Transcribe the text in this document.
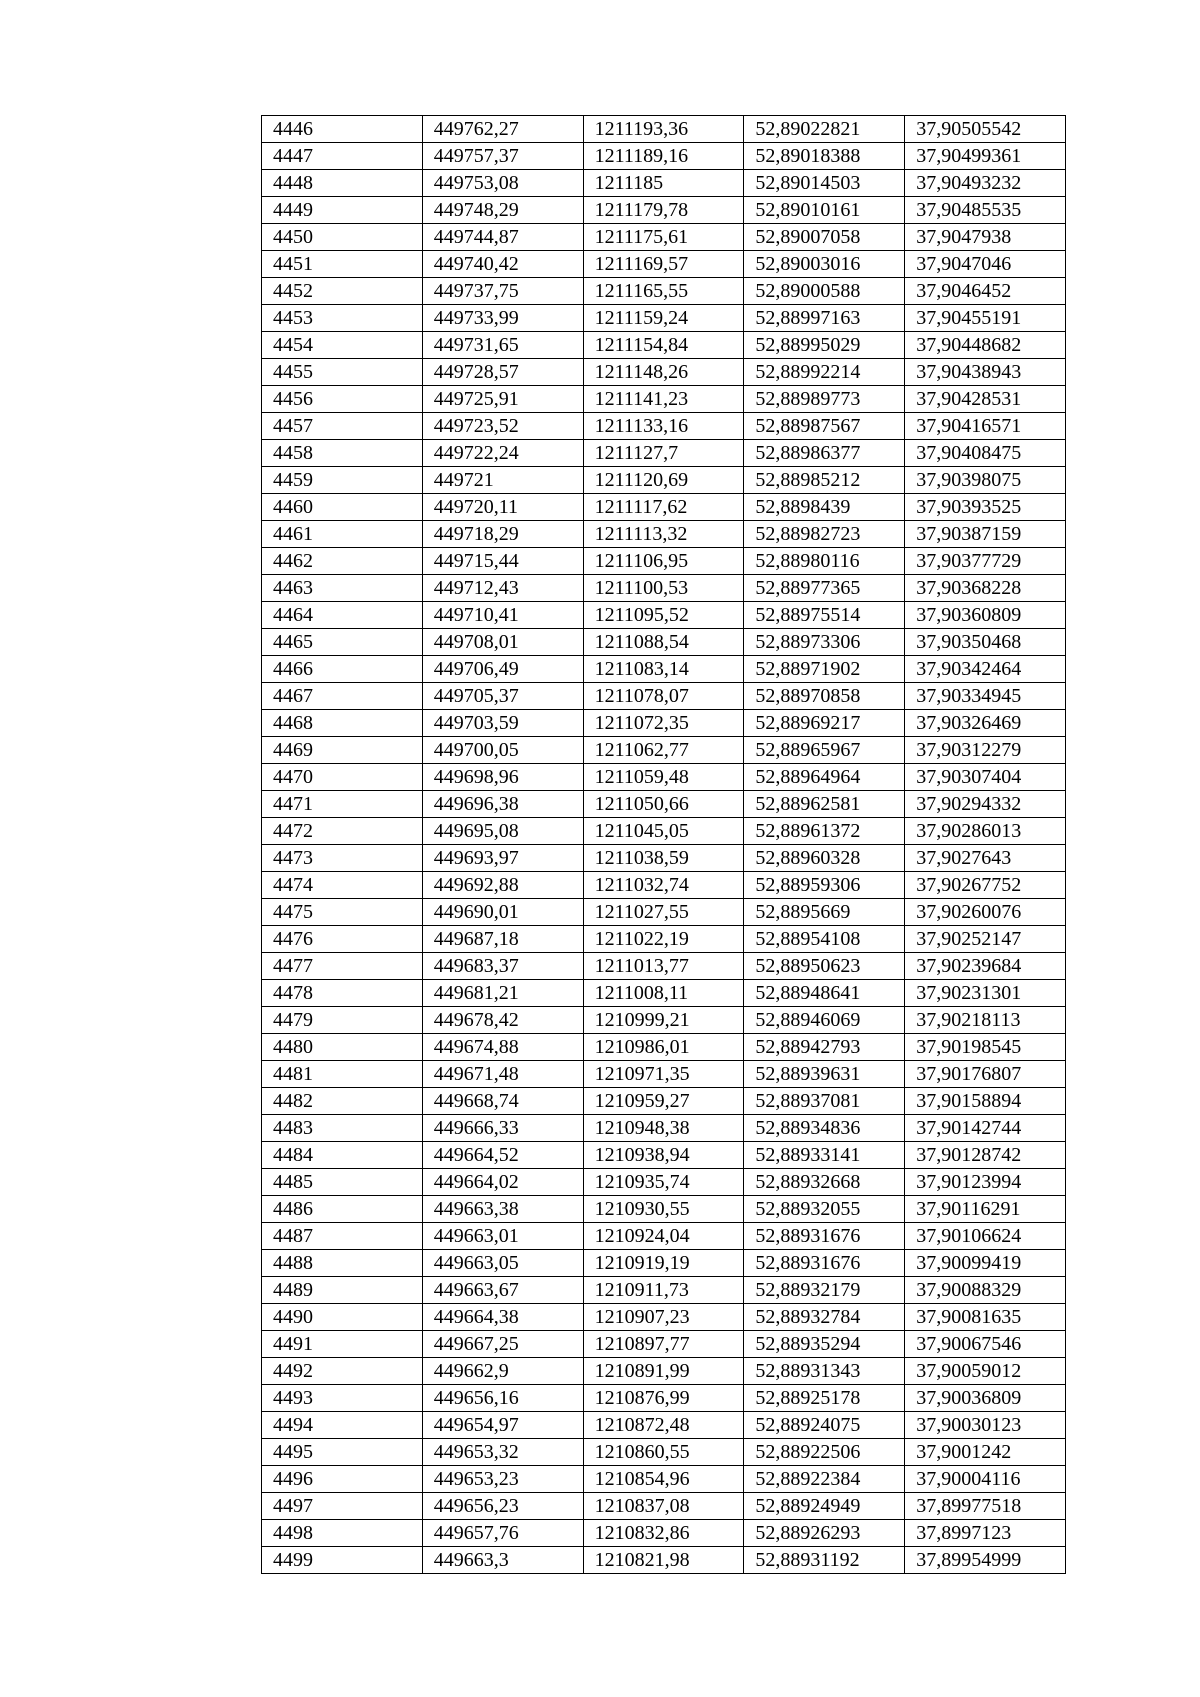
4446	449762,27	1211193,36	52,89022821	37,90505542
4447	449757,37	1211189,16	52,89018388	37,90499361
4448	449753,08	1211185	52,89014503	37,90493232
4449	449748,29	1211179,78	52,89010161	37,90485535
4450	449744,87	1211175,61	52,89007058	37,9047938
4451	449740,42	1211169,57	52,89003016	37,9047046
4452	449737,75	1211165,55	52,89000588	37,9046452
4453	449733,99	1211159,24	52,88997163	37,90455191
4454	449731,65	1211154,84	52,88995029	37,90448682
4455	449728,57	1211148,26	52,88992214	37,90438943
4456	449725,91	1211141,23	52,88989773	37,90428531
4457	449723,52	1211133,16	52,88987567	37,90416571
4458	449722,24	1211127,7	52,88986377	37,90408475
4459	449721	1211120,69	52,88985212	37,90398075
4460	449720,11	1211117,62	52,8898439	37,90393525
4461	449718,29	1211113,32	52,88982723	37,90387159
4462	449715,44	1211106,95	52,88980116	37,90377729
4463	449712,43	1211100,53	52,88977365	37,90368228
4464	449710,41	1211095,52	52,88975514	37,90360809
4465	449708,01	1211088,54	52,88973306	37,90350468
4466	449706,49	1211083,14	52,88971902	37,90342464
4467	449705,37	1211078,07	52,88970858	37,90334945
4468	449703,59	1211072,35	52,88969217	37,90326469
4469	449700,05	1211062,77	52,88965967	37,90312279
4470	449698,96	1211059,48	52,88964964	37,90307404
4471	449696,38	1211050,66	52,88962581	37,90294332
4472	449695,08	1211045,05	52,88961372	37,90286013
4473	449693,97	1211038,59	52,88960328	37,9027643
4474	449692,88	1211032,74	52,88959306	37,90267752
4475	449690,01	1211027,55	52,8895669	37,90260076
4476	449687,18	1211022,19	52,88954108	37,90252147
4477	449683,37	1211013,77	52,88950623	37,90239684
4478	449681,21	1211008,11	52,88948641	37,90231301
4479	449678,42	1210999,21	52,88946069	37,90218113
4480	449674,88	1210986,01	52,88942793	37,90198545
4481	449671,48	1210971,35	52,88939631	37,90176807
4482	449668,74	1210959,27	52,88937081	37,90158894
4483	449666,33	1210948,38	52,88934836	37,90142744
4484	449664,52	1210938,94	52,88933141	37,90128742
4485	449664,02	1210935,74	52,88932668	37,90123994
4486	449663,38	1210930,55	52,88932055	37,90116291
4487	449663,01	1210924,04	52,88931676	37,90106624
4488	449663,05	1210919,19	52,88931676	37,90099419
4489	449663,67	1210911,73	52,88932179	37,90088329
4490	449664,38	1210907,23	52,88932784	37,90081635
4491	449667,25	1210897,77	52,88935294	37,90067546
4492	449662,9	1210891,99	52,88931343	37,90059012
4493	449656,16	1210876,99	52,88925178	37,90036809
4494	449654,97	1210872,48	52,88924075	37,90030123
4495	449653,32	1210860,55	52,88922506	37,9001242
4496	449653,23	1210854,96	52,88922384	37,90004116
4497	449656,23	1210837,08	52,88924949	37,89977518
4498	449657,76	1210832,86	52,88926293	37,8997123
4499	449663,3	1210821,98	52,88931192	37,89954999
